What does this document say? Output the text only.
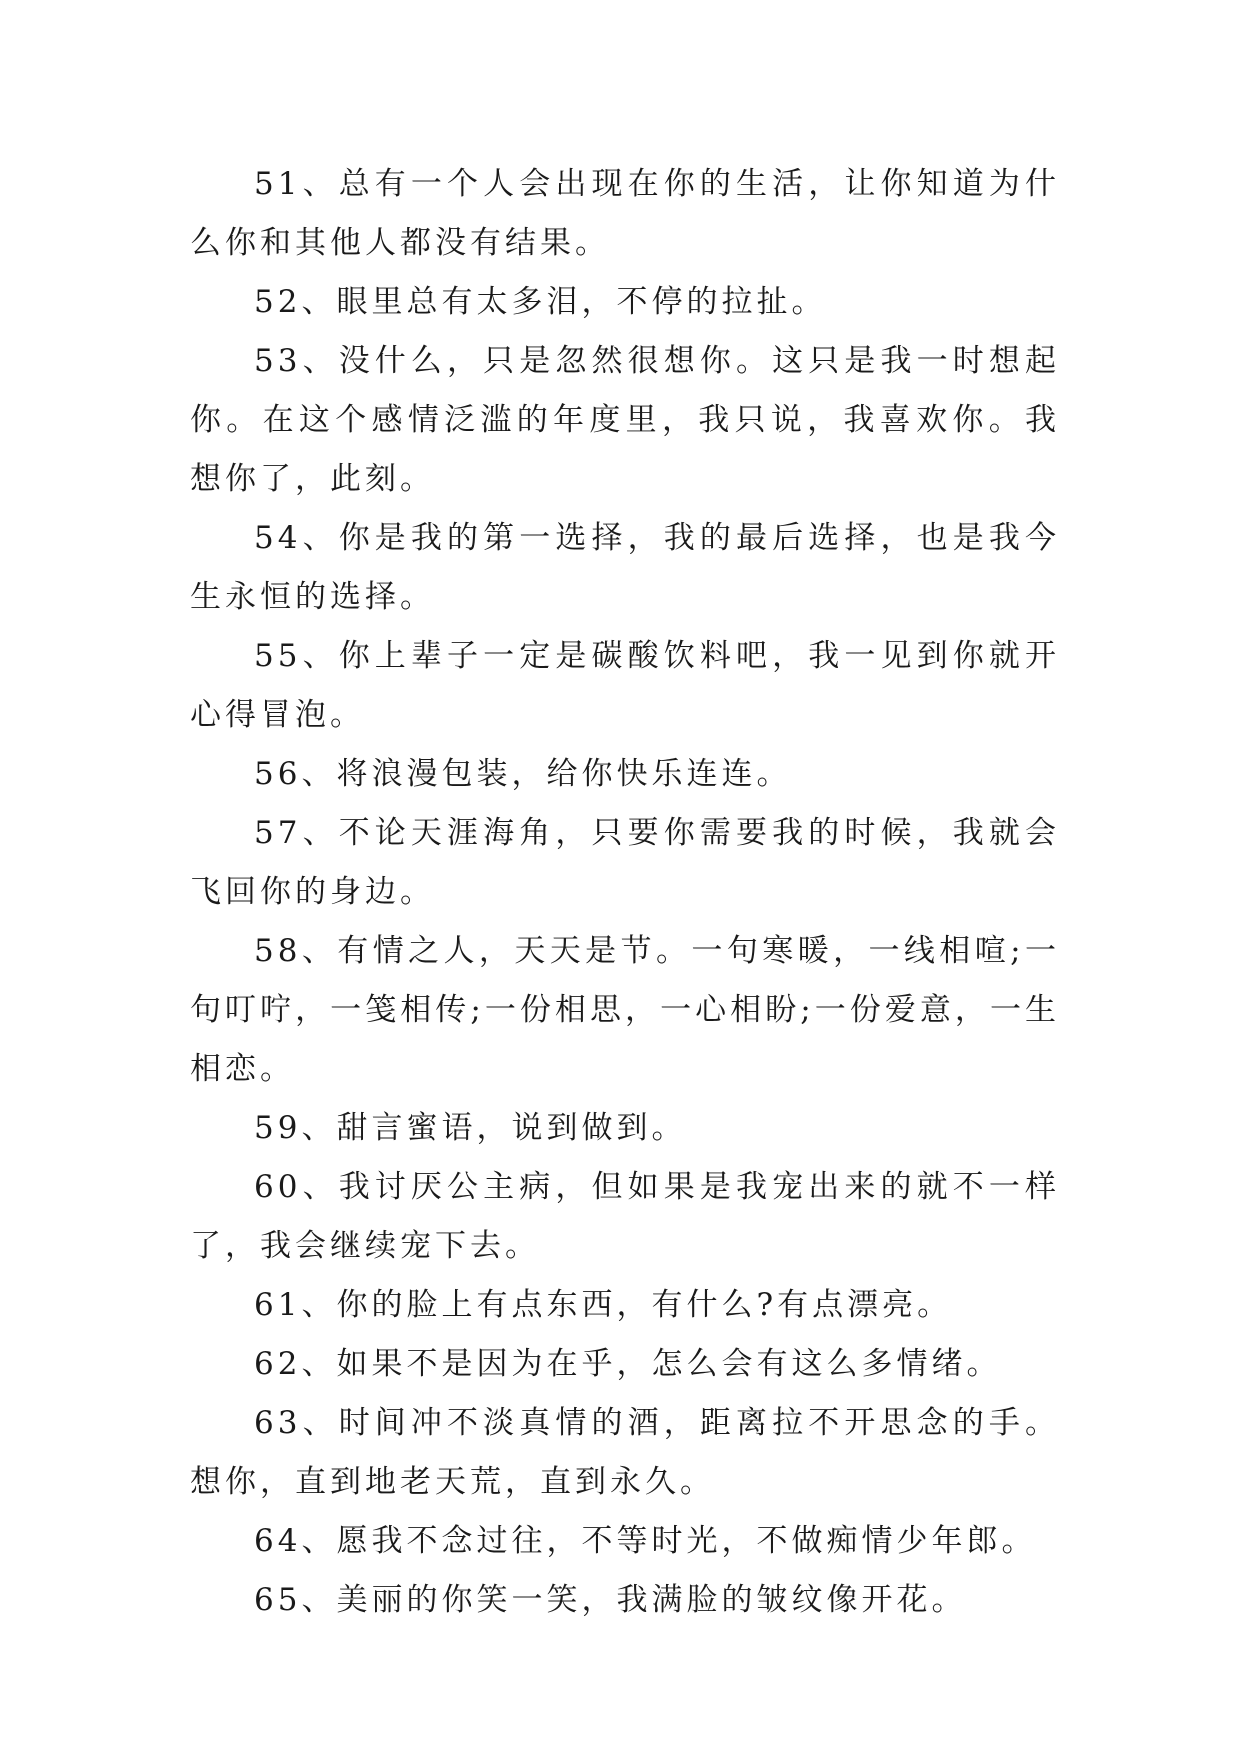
51、总有一个人会出现在你的生活，让你知道为什么你和其他人都没有结果。

52、眼里总有太多泪，不停的拉扯。

53、没什么，只是忽然很想你。这只是我一时想起你。在这个感情泛滥的年度里，我只说，我喜欢你。我想你了，此刻。

54、你是我的第一选择，我的最后选择，也是我今生永恒的选择。

55、你上辈子一定是碳酸饮料吧，我一见到你就开心得冒泡。

56、将浪漫包装，给你快乐连连。

57、不论天涯海角，只要你需要我的时候，我就会飞回你的身边。

58、有情之人，天天是节。一句寒暖，一线相喧;一句叮咛，一笺相传;一份相思，一心相盼;一份爱意，一生相恋。

59、甜言蜜语，说到做到。

60、我讨厌公主病，但如果是我宠出来的就不一样了，我会继续宠下去。

61、你的脸上有点东西，有什么?有点漂亮。

62、如果不是因为在乎，怎么会有这么多情绪。

63、时间冲不淡真情的酒，距离拉不开思念的手。想你，直到地老天荒，直到永久。

64、愿我不念过往，不等时光，不做痴情少年郎。

65、美丽的你笑一笑，我满脸的皱纹像开花。
